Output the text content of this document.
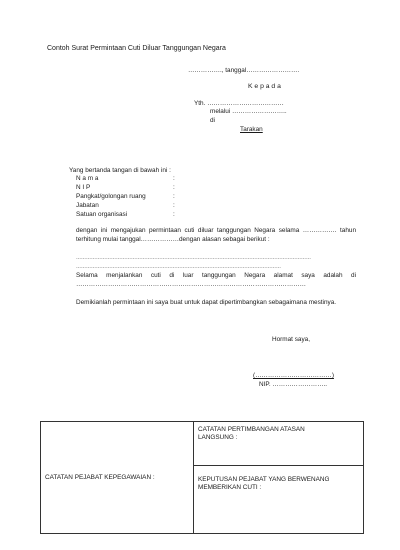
Contoh Surat Permintaan Cuti Diluar Tanggungan Negara
……………., tanggal…………………….
K e p a d a
Yth. ………………………………
melalui ……………………..
di
Tarakan
Yang bertanda tangan di bawah ini :
N a m a	:
N I P	:
Pangkat/golongan ruang	:
Jabatan	:
Satuan organisasi	:
dengan ini mengajukan permintaan cuti diluar tanggungan Negara selama ……………. tahun terhitung mulai tanggal………………dengan alasan sebagai berikut :
……………………………………………………………………………………………………………………………
……………………………………………………………………………………………………………
Selama menjalankan cuti di luar tanggungan Negara alamat saya adalah di ………………………………………………………………………………………………
Demikianlah permintaan ini saya buat untuk dapat dipertimbangkan sebagaimana mestinya.
Hormat saya,
(………………………………)
NIP. ……………………..
CATATAN PEJABAT KEPEGAWAIAN :

CATATAN PERTIMBANGAN ATASAN LANGSUNG :

KEPUTUSAN PEJABAT YANG BERWENANG MEMBERIKAN CUTI :
